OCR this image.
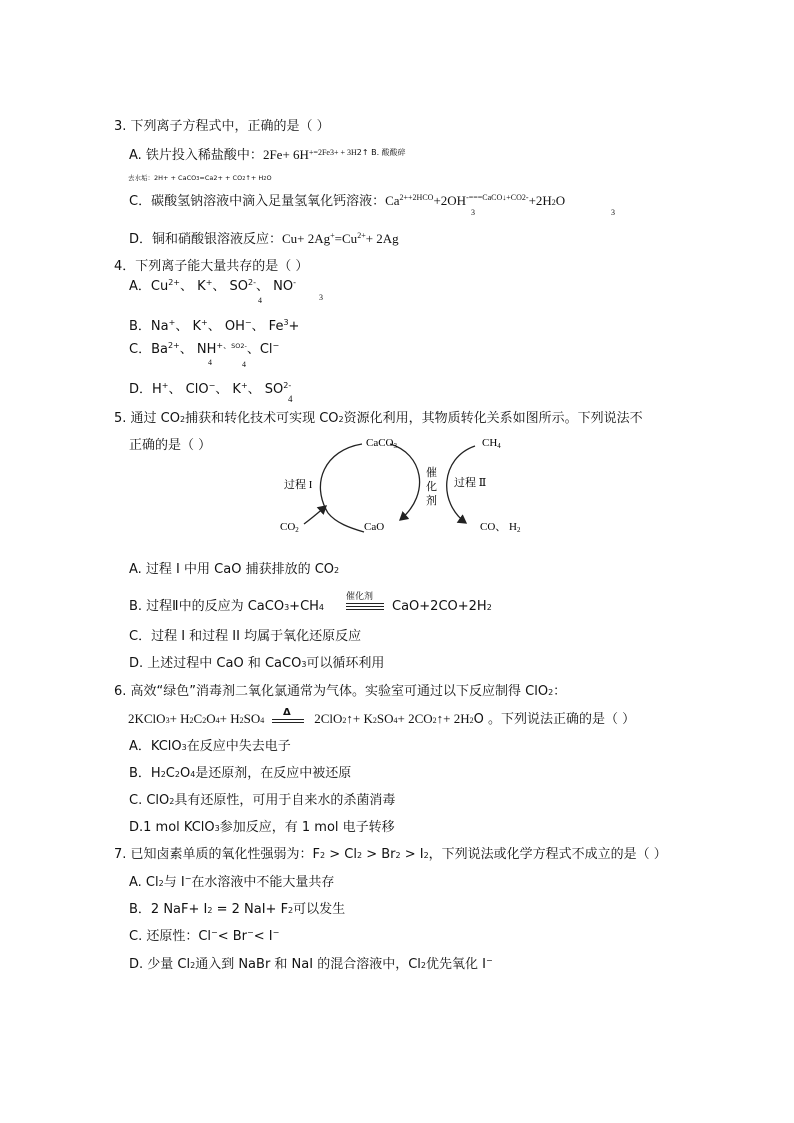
3. 下列离子方程式中，正确的是（ ）
A. 铁片投入稀盐酸中：$2Fe+ 6H^{+=2Fe3+ + 3H2↑ B. 酸酸碎}$
去水垢：2H+ + CaCO3=Ca2+ + CO2↑+ H2O
C．碳酸氢钠溶液中滴入足量氢氧化钙溶液：$Ca^{2++2HCO}+2OH^{-===CaCO↓+CO2-}+2H2O$
3	3
D．铜和硝酸银溶液反应：$Cu+ 2Ag^+=Cu^{2+}+ 2Ag$
4．下列离子能大量共存的是（ ）
A．$Cu^{2+}$、 K+、 $SO^{2-}$、 NO-
4	3
B．Na+、 K+、 OH−、 $Fe^3+$
C．$Ba^{2+}$、 $NH^{+、SO2-}$、Cl−
4	4
D．H+、 ClO−、 K+、 $SO^{2-}$
4
5. 通过 CO2捕获和转化技术可实现 CO2资源化利用，其物质转化关系如图所示。下列说法不
正确的是（ ）	CaCO3	CH4
过程 I	过程 Ⅱ
催
化
剂
CO2	CaO	CO、 H2
A. 过程 I 中用 CaO 捕获排放的 CO2
B. 过程Ⅱ中的反应为 CaCO3+CH4
催化剂
CaO+2CO+2H2
C．过程 I 和过程 II 均属于氧化还原反应
D. 上述过程中 CaO 和 CaCO3可以循环利用
6. 高效“绿色”消毒剂二氧化氯通常为气体。实验室可通过以下反应制得 ClO2：
2KClO3+ H2C2O4+ H2SO4	2ClO2↑+ K2SO4+ 2CO2↑+ 2H2O 。下列说法正确的是（ ）
Δ
A．KClO3在反应中失去电子
B．H2C2O4是还原剂，在反应中被还原
C. ClO2具有还原性，可用于自来水的杀菌消毒
D.1 mol KClO3参加反应，有 1 mol 电子转移
7. 已知卤素单质的氧化性强弱为：F2 > Cl2 > Br2 > I2，下列说法或化学方程式不成立的是（ ）
A. Cl2与 I−在水溶液中不能大量共存
B．2 NaF+ I2 = 2 NaI+ F2可以发生
C. 还原性：Cl−< Br−< I−
D. 少量 Cl2通入到 NaBr 和 NaI 的混合溶液中，Cl2优先氧化 I−
